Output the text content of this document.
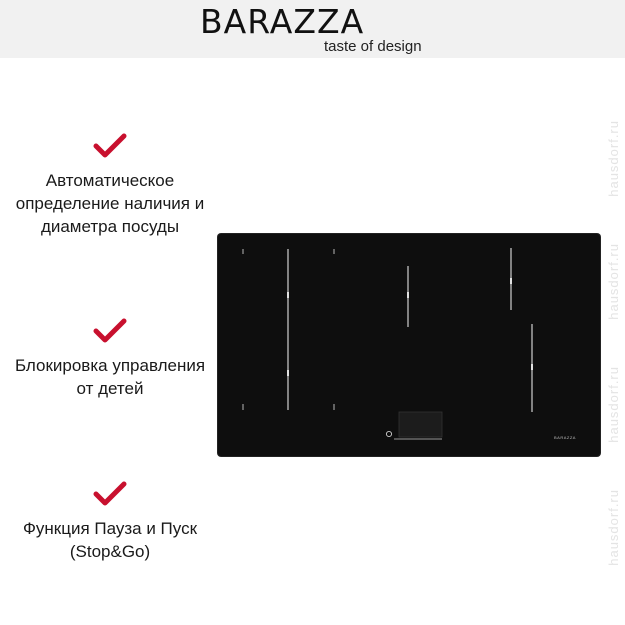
BARAZZA
taste of design
Автоматическое определение наличия и диаметра посуды
Блокировка управления от детей
Функция Пауза и Пуск (Stop&Go)
BARAZZA
hausdorf.ru
hausdorf.ru
hausdorf.ru
hausdorf.ru
